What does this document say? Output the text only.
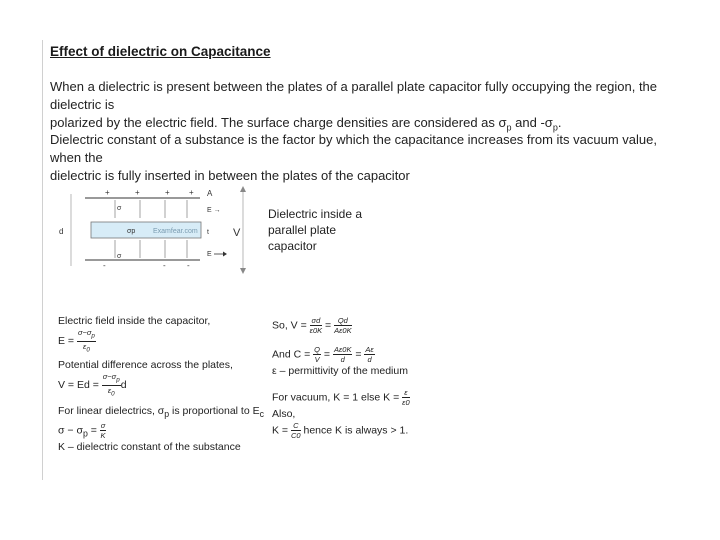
Effect of dielectric on Capacitance
When a dielectric is present between the plates of a parallel plate capacitor fully occupying the region, the dielectric is
polarized by the electric field. The surface charge densities are considered as $\sigma_p$ and $-\sigma_p$.
Dielectric constant of a substance is the factor by which the capacitance increases from its vacuum value, when the
dielectric is fully inserted in between the plates of the capacitor
+	+	+ +
-	-	-
σ
σ
σp	Examfear.com
d
A
E →
t V
E
Dielectric inside a
parallel plate
capacitor
Electric field inside the capacitor,
$E = \frac{\sigma-\sigma_p}{\varepsilon_0}$
Potential difference across the plates,
$V = Ed = \frac{\sigma-\sigma_p}{\varepsilon_0}$ d
For linear dielectrics, $\sigma_p$ is proportional to $E_c$
$\sigma - \sigma_p = \frac{\sigma}{K}$
K – dielectric constant of the substance
So, $V = \frac{\sigma d}{\varepsilon 0K} = \frac{Qd}{A\varepsilon 0K}$
And $C = \frac{Q}{V} = \frac{A\varepsilon 0K}{d} = \frac{A\varepsilon}{d}$
ε – permittivity of the medium
For vacuum, K = 1 else $K = \frac{\varepsilon}{\varepsilon 0}$
Also,
$K = \frac{C}{C0}$ hence K is always > 1.
